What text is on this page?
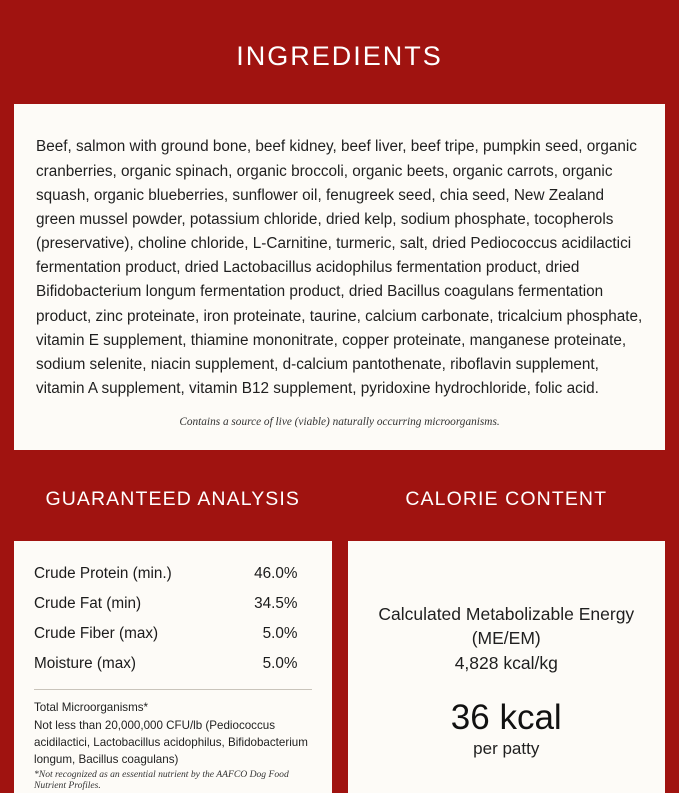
INGREDIENTS

Beef, salmon with ground bone, beef kidney, beef liver, beef tripe, pumpkin seed, organic cranberries, organic spinach, organic broccoli, organic beets, organic carrots, organic squash, organic blueberries, sunflower oil, fenugreek seed, chia seed, New Zealand green mussel powder, potassium chloride, dried kelp, sodium phosphate, tocopherols (preservative), choline chloride, L-Carnitine, turmeric, salt, dried Pediococcus acidilactici fermentation product, dried Lactobacillus acidophilus fermentation product, dried Bifidobacterium longum fermentation product, dried Bacillus coagulans fermentation product, zinc proteinate, iron proteinate, taurine, calcium carbonate, tricalcium phosphate, vitamin E supplement, thiamine mononitrate, copper proteinate, manganese proteinate, sodium selenite, niacin supplement, d-calcium pantothenate, riboflavin supplement, vitamin A supplement, vitamin B12 supplement, pyridoxine hydrochloride, folic acid.

Contains a source of live (viable) naturally occurring microorganisms.

GUARANTEED ANALYSIS
Crude Protein (min.)	46.0%
Crude Fat (min)	34.5%
Crude Fiber (max)	5.0%
Moisture (max)	5.0%
Total Microorganisms*
Not less than 20,000,000 CFU/lb (Pediococcus acidilactici, Lactobacillus acidophilus, Bifidobacterium longum, Bacillus coagulans)
*Not recognized as an essential nutrient by the AAFCO Dog Food Nutrient Profiles.
CALORIE CONTENT
Calculated Metabolizable Energy (ME/EM)
4,828 kcal/kg
36 kcal
per patty
